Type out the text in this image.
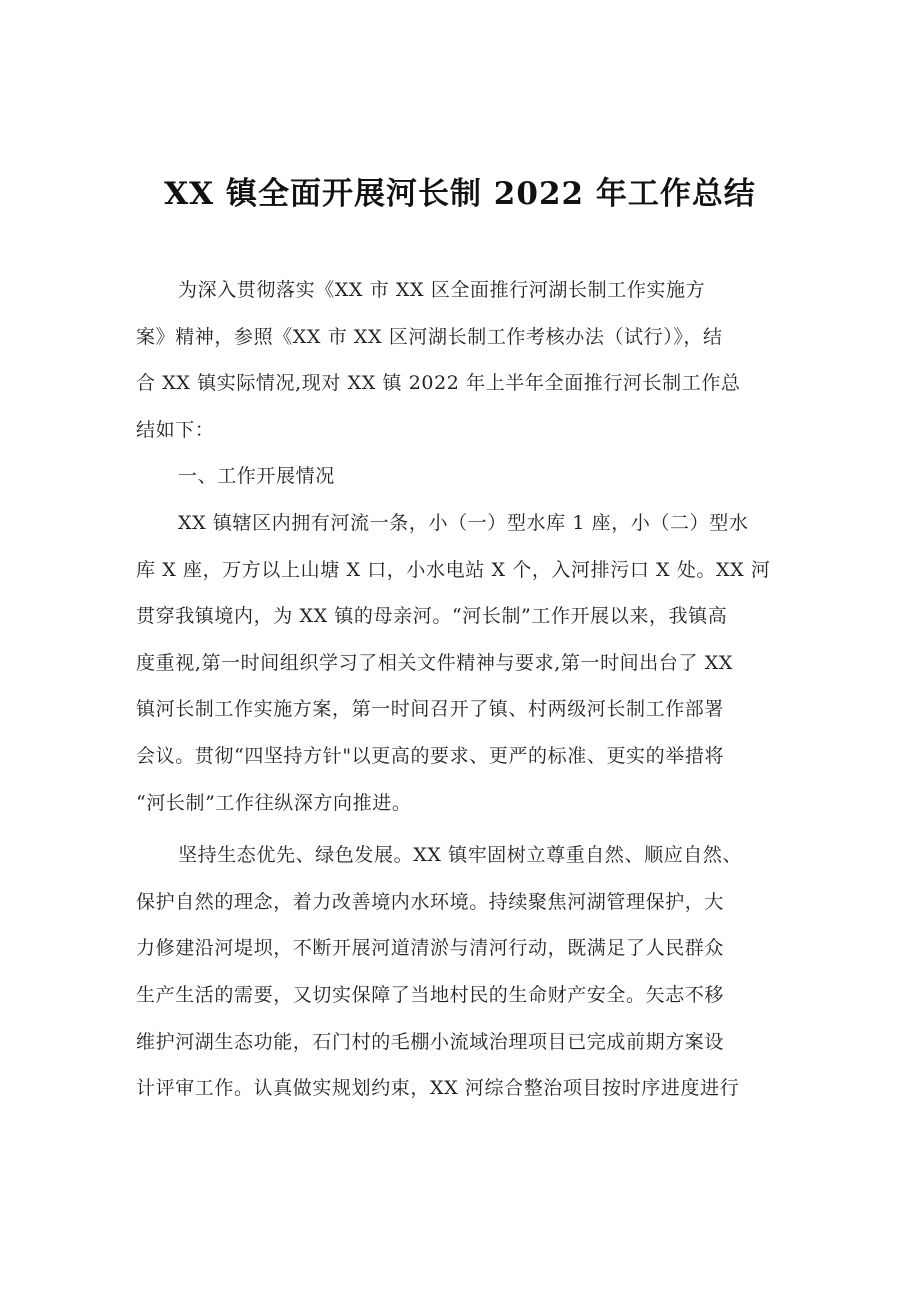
XX 镇全面开展河长制 2022 年工作总结
为深入贯彻落实《XX 市 XX 区全面推行河湖长制工作实施方
案》精神，参照《XX 市 XX 区河湖长制工作考核办法（试行）》，结
合 XX 镇实际情况,现对 XX 镇 2022 年上半年全面推行河长制工作总
结如下：
一、工作开展情况
XX 镇辖区内拥有河流一条，小（一）型水库 1 座，小（二）型水
库 X 座，万方以上山塘 X 口，小水电站 X 个，入河排污口 X 处。XX 河
贯穿我镇境内，为 XX 镇的母亲河。“河长制”工作开展以来，我镇高
度重视,第一时间组织学习了相关文件精神与要求,第一时间出台了 XX
镇河长制工作实施方案，第一时间召开了镇、村两级河长制工作部署
会议。贯彻“四坚持方针"以更高的要求、更严的标准、更实的举措将
“河长制”工作往纵深方向推进。
坚持生态优先、绿色发展。XX 镇牢固树立尊重自然、顺应自然、
保护自然的理念，着力改善境内水环境。持续聚焦河湖管理保护，大
力修建沿河堤坝，不断开展河道清淤与清河行动，既满足了人民群众
生产生活的需要，又切实保障了当地村民的生命财产安全。矢志不移
维护河湖生态功能，石门村的毛棚小流域治理项目已完成前期方案设
计评审工作。认真做实规划约束，XX 河综合整治项目按时序进度进行
